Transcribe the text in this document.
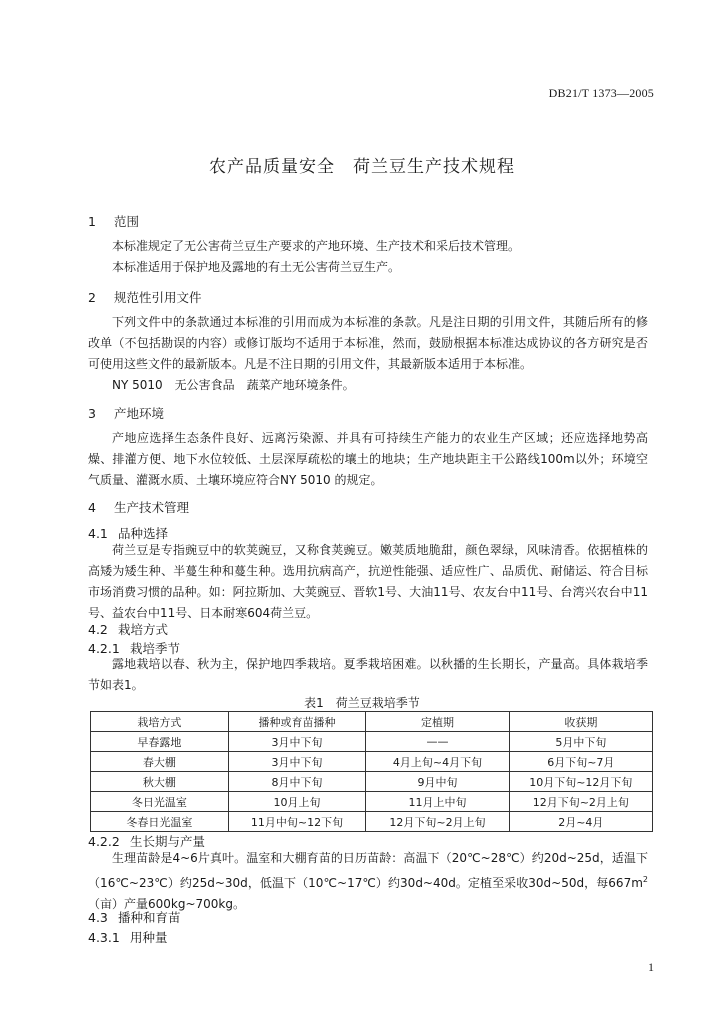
DB21/T 1373—2005
农产品质量安全　荷兰豆生产技术规程
1 范围
本标准规定了无公害荷兰豆生产要求的产地环境、生产技术和采后技术管理。
本标准适用于保护地及露地的有土无公害荷兰豆生产。
2 规范性引用文件
下列文件中的条款通过本标准的引用而成为本标准的条款。凡是注日期的引用文件，其随后所有的修改单（不包括勘误的内容）或修订版均不适用于本标准，然而，鼓励根据本标准达成协议的各方研究是否可使用这些文件的最新版本。凡是不注日期的引用文件，其最新版本适用于本标准。
NY 5010　无公害食品　蔬菜产地环境条件。
3 产地环境
产地应选择生态条件良好、远离污染源、并具有可持续生产能力的农业生产区域；还应选择地势高燥、排灌方便、地下水位较低、土层深厚疏松的壤土的地块；生产地块距主干公路线100m以外；环境空气质量、灌溉水质、土壤环境应符合NY 5010 的规定。
4 生产技术管理
4.1 品种选择
荷兰豆是专指豌豆中的软荚豌豆，又称食荚豌豆。嫩荚质地脆甜，颜色翠绿，风味清香。依据植株的高矮为矮生种、半蔓生种和蔓生种。选用抗病高产，抗逆性能强、适应性广、品质优、耐储运、符合目标市场消费习惯的品种。如：阿拉斯加、大荚豌豆、晋软1号、大油11号、农友台中11号、台湾兴农台中11号、益农台中11号、日本耐寒604荷兰豆。
4.2 栽培方式
4.2.1 栽培季节
露地栽培以春、秋为主，保护地四季栽培。夏季栽培困难。以秋播的生长期长，产量高。具体栽培季节如表1。
表1　荷兰豆栽培季节
栽培方式	播种或育苗播种	定植期	收获期
早春露地	3月中下旬	——	5月中下旬
春大棚	3月中下旬	4月上旬~4月下旬	6月下旬~7月
秋大棚	8月中下旬	9月中旬	10月下旬~12月下旬
冬日光温室	10月上旬	11月上中旬	12月下旬~2月上旬
冬春日光温室	11月中旬~12下旬	12月下旬~2月上旬	2月~4月
4.2.2 生长期与产量
生理苗龄是4~6片真叶。温室和大棚育苗的日历苗龄：高温下（20℃~28℃）约20d~25d，适温下（16℃~23℃）约25d~30d，低温下（10℃~17℃）约30d~40d。定植至采收30d~50d，每$667m^2$（亩）产量600kg~700kg。
4.3 播种和育苗
4.3.1 用种量
1
